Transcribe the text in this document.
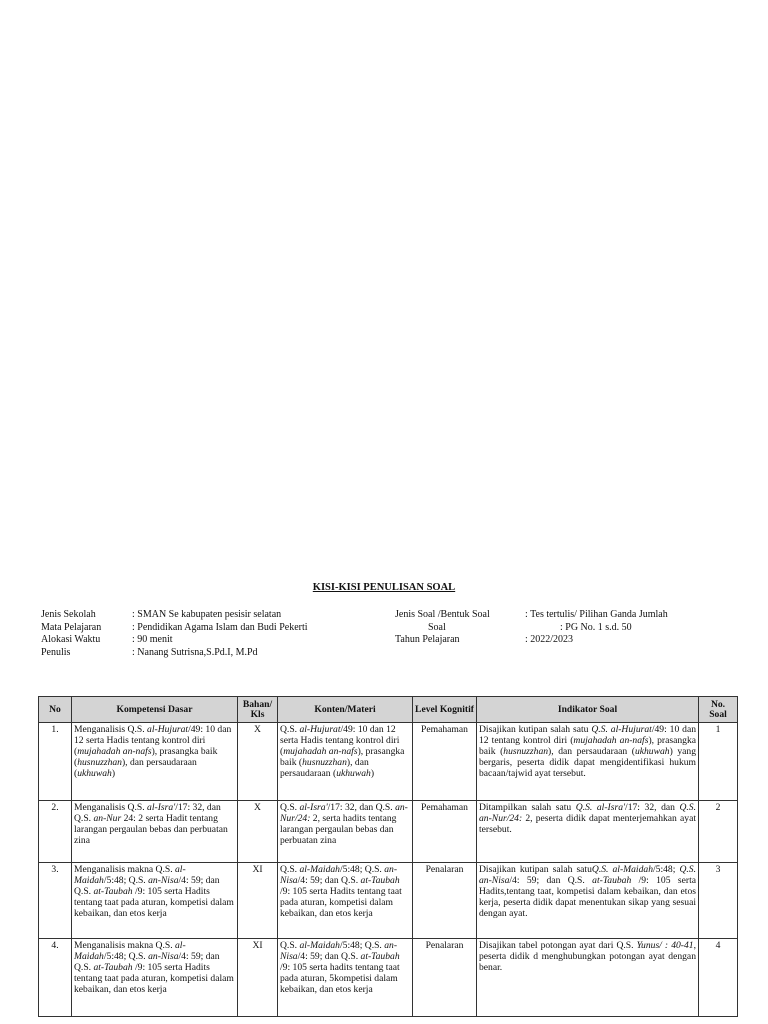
KISI-KISI PENULISAN SOAL
Jenis Sekolah	: SMAN Se kabupaten pesisir selatan
Mata Pelajaran	: Pendidikan Agama Islam dan Budi Pekerti
Alokasi Waktu	: 90 menit
Penulis	: Nanang Sutrisna,S.Pd.I, M.Pd
Jenis Soal /Bentuk Soal	: Tes tertulis/ Pilihan Ganda Jumlah
Soal	: PG No. 1 s.d. 50
Tahun Pelajaran	: 2022/2023
No	Kompetensi Dasar	Bahan/ Kls	Konten/Materi	Level Kognitif	Indikator Soal	No. Soal
1.	Menganalisis Q.S. al-Hujurat/49: 10 dan 12 serta Hadis tentang kontrol diri (mujahadah an-nafs), prasangka baik (husnuzzhan), dan persaudaraan (ukhuwah)	X	Q.S. al-Hujurat/49: 10 dan 12 serta Hadis tentang kontrol diri (mujahadah an-nafs), prasangka baik (husnuzzhan), dan persaudaraan (ukhuwah)	Pemahaman	Disajikan kutipan salah satu Q.S. al-Hujurat/49: 10 dan 12 tentang kontrol diri (mujahadah an-nafs), prasangka baik (husnuzzhan), dan persaudaraan (ukhuwah) yang bergaris, peserta didik dapat mengidentifikasi hukum bacaan/tajwid ayat tersebut.	1
2.	Menganalisis Q.S. al-Isra'/17: 32, dan Q.S. an-Nur 24: 2 serta Hadit tentang larangan pergaulan bebas dan perbuatan zina	X	Q.S. al-Isra'/17: 32, dan Q.S. an-Nur/24: 2, serta hadits tentang larangan pergaulan bebas dan perbuatan zina	Pemahaman	Ditampilkan salah satu Q.S. al-Isra'/17: 32, dan Q.S. an-Nur/24: 2, peserta didik dapat menterjemahkan ayat tersebut.	2
3.	Menganalisis makna Q.S. al-Maidah/5:48; Q.S. an-Nisa/4: 59; dan Q.S. at-Taubah /9: 105 serta Hadits tentang taat pada aturan, kompetisi dalam kebaikan, dan etos kerja	XI	Q.S. al-Maidah/5:48; Q.S. an-Nisa/4: 59; dan Q.S. at-Taubah /9: 105 serta Hadits tentang taat pada aturan, kompetisi dalam kebaikan, dan etos kerja	Penalaran	Disajikan kutipan salah satuQ.S. al-Maidah/5:48; Q.S. an-Nisa/4: 59; dan Q.S. at-Taubah /9: 105 serta Hadits,tentang taat, kompetisi dalam kebaikan, dan etos kerja, peserta didik dapat menentukan sikap yang sesuai dengan ayat.	3
4.	Menganalisis makna Q.S. al-Maidah/5:48; Q.S. an-Nisa/4: 59; dan Q.S. at-Taubah /9: 105 serta Hadits tentang taat pada aturan, kompetisi dalam kebaikan, dan etos kerja	XI	Q.S. al-Maidah/5:48; Q.S. an-Nisa/4: 59; dan Q.S. at-Taubah /9: 105 serta hadits tentang taat pada aturan, 5kompetisi dalam kebaikan, dan etos kerja	Penalaran	Disajikan tabel potongan ayat dari Q.S. Yunus/ : 40-41, peserta didik d menghubungkan potongan ayat dengan benar.	4
